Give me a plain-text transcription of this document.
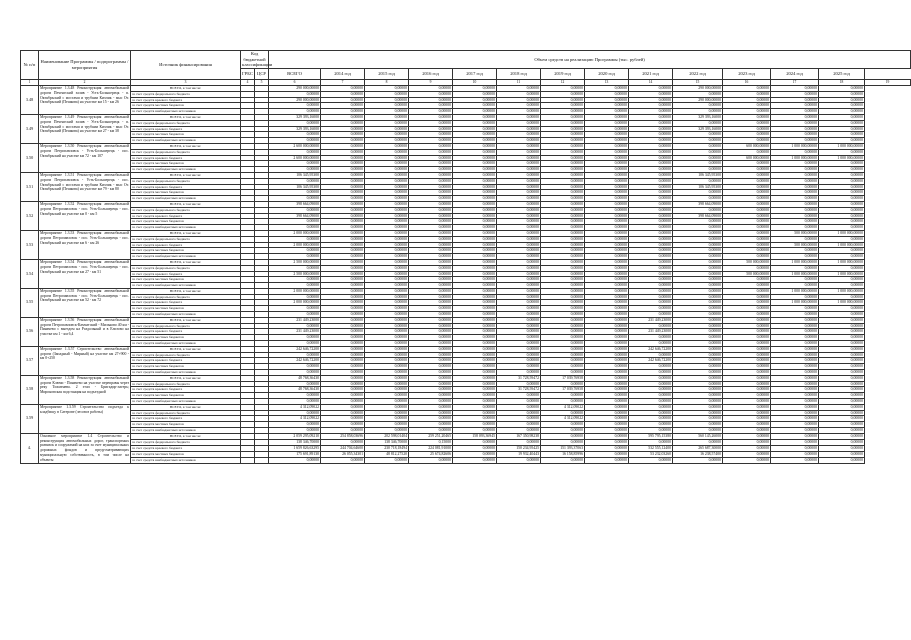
№ п/п	Наименование Программы / подпрограммы / мероприятия	Источник финансирования	Код бюджетной классификации		Объем средств на реализацию Программы (тыс. рублей)													
			ГРБС	ЦСР	ВСЕГО	2014 год	2015 год	2016 год	2017 год	2018 год	2019 год	2020 год	2021 год	2022 год	2023 год	2024 год	2025 год	
1	2	3	4	5	6	7	8	9	10	11	12	13	14	15	16	17	18	19
3.48	Мероприятие 1.3.48 Реконструкция автомобильной дороги Печенгский залив - Усть-Большерецк - п. Октябрьский с мостами и трубами Кихчик - мыс От. Октябрьский (Пешкова) на участке км 15 - км 26	ВСЕГО, в том числе:			290 000,00000	0,00000	0,00000	0,00000	0,00000	0,00000	0,00000	0,00000	0,00000	290 000,00000	0,00000	0,00000	0,00000	
		за счет средств федерального бюджета			0,00000	0,00000	0,00000	0,00000	0,00000	0,00000	0,00000	0,00000	0,00000	0,00000	0,00000	0,00000	0,00000	
		за счет средств краевого бюджета			290 000,00000	0,00000	0,00000	0,00000	0,00000	0,00000	0,00000	0,00000	0,00000	290 000,00000	0,00000	0,00000	0,00000	
		за счет средств местных бюджетов			0,00000	0,00000	0,00000	0,00000	0,00000	0,00000	0,00000	0,00000	0,00000	0,00000	0,00000	0,00000	0,00000	
		за счет средств внебюджетных источников			0,00000	0,00000	0,00000	0,00000	0,00000	0,00000	0,00000	0,00000	0,00000	0,00000	0,00000	0,00000	0,00000	
3.49	Мероприятие 1.3.49 Реконструкция автомобильной дороги Печенгский залив - Усть-Большерецк - п. Октябрьский с мостами и трубами Кихчик - мыс От. Октябрьский (Пешкова) на участке км 27 - км 38	ВСЕГО, в том числе:			329 393,16000	0,00000	0,00000	0,00000	0,00000	0,00000	0,00000	0,00000	0,00000	329 393,16000	0,00000	0,00000	0,00000	
		за счет средств федерального бюджета			0,00000	0,00000	0,00000	0,00000	0,00000	0,00000	0,00000	0,00000	0,00000	0,00000	0,00000	0,00000	0,00000	
		за счет средств краевого бюджета			329 393,16000	0,00000	0,00000	0,00000	0,00000	0,00000	0,00000	0,00000	0,00000	329 393,16000	0,00000	0,00000	0,00000	
		за счет средств местных бюджетов			0,00000	0,00000	0,00000	0,00000	0,00000	0,00000	0,00000	0,00000	0,00000	0,00000	0,00000	0,00000	0,00000	
		за счет средств внебюджетных источников			0,00000	0,00000	0,00000	0,00000	0,00000	0,00000	0,00000	0,00000	0,00000	0,00000	0,00000	0,00000	0,00000	
3.50	Мероприятие 1.3.50 Реконструкция автомобильной дороги Петропавловск - Усть-Большерецк - пос. Октябрьский на участке км 72 - км 107	ВСЕГО, в том числе:			2 600 000,00000	0,00000	0,00000	0,00000	0,00000	0,00000	0,00000	0,00000	0,00000	0,00000	600 000,00000	1 000 000,00000	1 000 000,00000	
		за счет средств федерального бюджета			0,00000	0,00000	0,00000	0,00000	0,00000	0,00000	0,00000	0,00000	0,00000	0,00000	0,00000	0,00000	0,00000	
		за счет средств краевого бюджета			2 600 000,00000	0,00000	0,00000	0,00000	0,00000	0,00000	0,00000	0,00000	0,00000	0,00000	600 000,00000	1 000 000,00000	1 000 000,00000	
		за счет средств местных бюджетов			0,00000	0,00000	0,00000	0,00000	0,00000	0,00000	0,00000	0,00000	0,00000	0,00000	0,00000	0,00000	0,00000	
		за счет средств внебюджетных источников			0,00000	0,00000	0,00000	0,00000	0,00000	0,00000	0,00000	0,00000	0,00000	0,00000	0,00000	0,00000	0,00000	
3.51	Мероприятие 1.3.51 Реконструкция автомобильной дороги Петропавловск - Усть-Большерецк - пос. Октябрьский с мостами и трубами Кихчик - мыс От. Октябрьский (Пешкова) на участке км 79 - км 80	ВСЕГО, в том числе:			106 345,95300	0,00000	0,00000	0,00000	0,00000	0,00000	0,00000	0,00000	0,00000	106 345,95300	0,00000	0,00000	0,00000	
		за счет средств федерального бюджета			0,00000	0,00000	0,00000	0,00000	0,00000	0,00000	0,00000	0,00000	0,00000	0,00000	0,00000	0,00000	0,00000	
		за счет средств краевого бюджета			106 345,95300	0,00000	0,00000	0,00000	0,00000	0,00000	0,00000	0,00000	0,00000	106 345,95300	0,00000	0,00000	0,00000	
		за счет средств местных бюджетов			0,00000	0,00000	0,00000	0,00000	0,00000	0,00000	0,00000	0,00000	0,00000	0,00000	0,00000	0,00000	0,00000	
		за счет средств внебюджетных источников			0,00000	0,00000	0,00000	0,00000	0,00000	0,00000	0,00000	0,00000	0,00000	0,00000	0,00000	0,00000	0,00000	
3.52	Мероприятие 1.3.52 Реконструкция автомобильной дороги Петропавловск - пос. Усть-Большерецк - пос. Октябрьский на участке км 0 - км 5	ВСЕГО, в том числе:			398 664,09000	0,00000	0,00000	0,00000	0,00000	0,00000	0,00000	0,00000	0,00000	398 664,09000	0,00000	0,00000	0,00000	
		за счет средств федерального бюджета			0,00000	0,00000	0,00000	0,00000	0,00000	0,00000	0,00000	0,00000	0,00000	0,00000	0,00000	0,00000	0,00000	
		за счет средств краевого бюджета			398 664,09000	0,00000	0,00000	0,00000	0,00000	0,00000	0,00000	0,00000	0,00000	398 664,09000	0,00000	0,00000	0,00000	
		за счет средств местных бюджетов			0,00000	0,00000	0,00000	0,00000	0,00000	0,00000	0,00000	0,00000	0,00000	0,00000	0,00000	0,00000	0,00000	
		за счет средств внебюджетных источников			0,00000	0,00000	0,00000	0,00000	0,00000	0,00000	0,00000	0,00000	0,00000	0,00000	0,00000	0,00000	0,00000	
3.53	Мероприятие 1.3.53 Реконструкция автомобильной дороги Петропавловск - пос. Усть-Большерецк - пос. Октябрьский на участке км 6 - км 26	ВСЕГО, в том числе:			2 000 000,00000	0,00000	0,00000	0,00000	0,00000	0,00000	0,00000	0,00000	0,00000	0,00000	0,00000	500 000,00000	1 000 000,00000	
		за счет средств федерального бюджета			0,00000	0,00000	0,00000	0,00000	0,00000	0,00000	0,00000	0,00000	0,00000	0,00000	0,00000	0,00000	0,00000	
		за счет средств краевого бюджета			2 000 000,00000	0,00000	0,00000	0,00000	0,00000	0,00000	0,00000	0,00000	0,00000	0,00000	0,00000	500 000,00000	1 000 000,00000	
		за счет средств местных бюджетов			0,00000	0,00000	0,00000	0,00000	0,00000	0,00000	0,00000	0,00000	0,00000	0,00000	0,00000	0,00000	0,00000	
		за счет средств внебюджетных источников			0,00000	0,00000	0,00000	0,00000	0,00000	0,00000	0,00000	0,00000	0,00000	0,00000	0,00000	0,00000	0,00000	
3.54	Мероприятие 1.3.54 Реконструкция автомобильной дороги Петропавловск - пос. Усть-Большерецк - пос. Октябрьский на участке км 27 - км 51	ВСЕГО, в том числе:			2 500 000,00000	0,00000	0,00000	0,00000	0,00000	0,00000	0,00000	0,00000	0,00000	0,00000	500 000,00000	1 000 000,00000	1 000 000,00000	
		за счет средств федерального бюджета			0,00000	0,00000	0,00000	0,00000	0,00000	0,00000	0,00000	0,00000	0,00000	0,00000	0,00000	0,00000	0,00000	
		за счет средств краевого бюджета			2 500 000,00000	0,00000	0,00000	0,00000	0,00000	0,00000	0,00000	0,00000	0,00000	0,00000	500 000,00000	1 000 000,00000	1 000 000,00000	
		за счет средств местных бюджетов			0,00000	0,00000	0,00000	0,00000	0,00000	0,00000	0,00000	0,00000	0,00000	0,00000	0,00000	0,00000	0,00000	
		за счет средств внебюджетных источников			0,00000	0,00000	0,00000	0,00000	0,00000	0,00000	0,00000	0,00000	0,00000	0,00000	0,00000	0,00000	0,00000	
3.55	Мероприятие 1.3.55 Реконструкция автомобильной дороги Петропавловск - пос. Усть-Большерецк - пос. Октябрьский на участке км 52 - км 72	ВСЕГО, в том числе:			2 000 000,00000	0,00000	0,00000	0,00000	0,00000	0,00000	0,00000	0,00000	0,00000	0,00000	0,00000	1 000 000,00000	1 000 000,00000	
		за счет средств федерального бюджета			0,00000	0,00000	0,00000	0,00000	0,00000	0,00000	0,00000	0,00000	0,00000	0,00000	0,00000	0,00000	0,00000	
		за счет средств краевого бюджета			2 000 000,00000	0,00000	0,00000	0,00000	0,00000	0,00000	0,00000	0,00000	0,00000	0,00000	0,00000	1 000 000,00000	1 000 000,00000	
		за счет средств местных бюджетов			0,00000	0,00000	0,00000	0,00000	0,00000	0,00000	0,00000	0,00000	0,00000	0,00000	0,00000	0,00000	0,00000	
		за счет средств внебюджетных источников			0,00000	0,00000	0,00000	0,00000	0,00000	0,00000	0,00000	0,00000	0,00000	0,00000	0,00000	0,00000	0,00000	
3.56	Мероприятие 1.3.56 Реконструкция автомобильной дороги Петропавловск-Камчатский - Мильково 40 км - Пиначево с выездом на Раздольный и в Елизово на участке км 1 - км 6,4	ВСЕГО, в том числе:			231 449,23000	0,00000	0,00000	0,00000	0,00000	0,00000	0,00000	0,00000	231 449,23000	0,00000	0,00000	0,00000	0,00000	
		за счет средств федерального бюджета			0,00000	0,00000	0,00000	0,00000	0,00000	0,00000	0,00000	0,00000	0,00000	0,00000	0,00000	0,00000	0,00000	
		за счет средств краевого бюджета			231 449,23000	0,00000	0,00000	0,00000	0,00000	0,00000	0,00000	0,00000	231 449,23000	0,00000	0,00000	0,00000	0,00000	
		за счет средств местных бюджетов			0,00000	0,00000	0,00000	0,00000	0,00000	0,00000	0,00000	0,00000	0,00000	0,00000	0,00000	0,00000	0,00000	
		за счет средств внебюджетных источников			0,00000	0,00000	0,00000	0,00000	0,00000	0,00000	0,00000	0,00000	0,00000	0,00000	0,00000	0,00000	0,00000	
3.57	Мероприятие 1.3.57 Строительство автомобильной дороги (Западный - Мирный) на участке км 27+900 - км 0+250	ВСЕГО, в том числе:			242 646,72200	0,00000	0,00000	0,00000	0,00000	0,00000	0,00000	0,00000	242 646,72200	0,00000	0,00000	0,00000	0,00000	
		за счет средств федерального бюджета			0,00000	0,00000	0,00000	0,00000	0,00000	0,00000	0,00000	0,00000	0,00000	0,00000	0,00000	0,00000	0,00000	
		за счет средств краевого бюджета			242 646,72200	0,00000	0,00000	0,00000	0,00000	0,00000	0,00000	0,00000	242 646,72200	0,00000	0,00000	0,00000	0,00000	
		за счет средств местных бюджетов			0,00000	0,00000	0,00000	0,00000	0,00000	0,00000	0,00000	0,00000	0,00000	0,00000	0,00000	0,00000	0,00000	
		за счет средств внебюджетных источников			0,00000	0,00000	0,00000	0,00000	0,00000	0,00000	0,00000	0,00000	0,00000	0,00000	0,00000	0,00000	0,00000	
3.58	Мероприятие 1.3.58 Реконструкция автомобильной дороги Ключи - Пиначево на участке переправы через реку Тихменева. 2 этап - Бригадир-лагерь; Мироновская подстанция на подъездной	ВСЕГО, в том числе:			48 768,36430	0,00000	0,00000	0,00000	0,00000	31 728,59472	17 039,76958	0,00000	0,00000	0,00000	0,00000	0,00000	0,00000	
		за счет средств федерального бюджета			0,00000	0,00000	0,00000	0,00000	0,00000	0,00000	0,00000	0,00000	0,00000	0,00000	0,00000	0,00000	0,00000	
		за счет средств краевого бюджета			48 768,36430	0,00000	0,00000	0,00000	0,00000	31 728,59472	17 039,76958	0,00000	0,00000	0,00000	0,00000	0,00000	0,00000	
		за счет средств местных бюджетов			0,00000	0,00000	0,00000	0,00000	0,00000	0,00000	0,00000	0,00000	0,00000	0,00000	0,00000	0,00000	0,00000	
		за счет средств внебюджетных источников			0,00000	0,00000	0,00000	0,00000	0,00000	0,00000	0,00000	0,00000	0,00000	0,00000	0,00000	0,00000	0,00000	
3.59	Мероприятие 1.3.59 Строительство подъезда к кладбищу в Сатерове (лесовоз работы)	ВСЕГО, в том числе:			4 312,09022	0,00000	0,00000	0,00000	0,00000	0,00000	4 312,09022	0,00000	0,00000	0,00000	0,00000	0,00000	0,00000	
		за счет средств федерального бюджета			0,00000	0,00000	0,00000	0,00000	0,00000	0,00000	0,00000	0,00000	0,00000	0,00000	0,00000	0,00000	0,00000	
		за счет средств краевого бюджета			4 312,09022	0,00000	0,00000	0,00000	0,00000	0,00000	4 312,09022	0,00000	0,00000	0,00000	0,00000	0,00000	0,00000	
		за счет средств местных бюджетов			0,00000	0,00000	0,00000	0,00000	0,00000	0,00000	0,00000	0,00000	0,00000	0,00000	0,00000	0,00000	0,00000	
		за счет средств внебюджетных источников			0,00000	0,00000	0,00000	0,00000	0,00000	0,00000	0,00000	0,00000	0,00000	0,00000	0,00000	0,00000	0,00000	
4.	Основное мероприятие 1.4 Строительство и реконструкция автомобильных дорог, транспортных развязок и сооружений на них за счет муниципальных дорожных фондов и предусматривающих муниципальную собственность, в том числе на объекты	ВСЕГО, в том числе:			2 059 295,09210	254 858,03696	202 598,01404	259 251,20465	158 093,36945	167 350,98238	0,00000	0,00000	595 795,15380	560 145,26000	0,00000	0,00000	0,00000	
		за счет средств федерального бюджета			138 346,70000	0,00000	138 346,70000	0,15000	0,00000	0,00000	0,00000	0,00000	0,00000	0,00000	0,00000	0,00000	0,00000	
		за счет средств краевого бюджета			1 659 826,63295	244 704,64600	230 718,18494	224 081,91000	0,00000	150 234,95425	151 393,37063	0,00000	532 555,12400	265 687,30000	0,00000	0,00000	0,00000	
		за счет средств местных бюджетов			175 691,89130	26 055,34301	48 812,27520	25 674,82606	0,00000	19 932,40443	16 158,85996	0,00000	53 232,03260	16 238,57400	0,00000	0,00000	0,00000	
		за счет средств внебюджетных источников			0,00000	0,00000	0,00000	0,00000	0,00000	0,00000	0,00000	0,00000	0,00000	0,00000	0,00000	0,00000	0,00000	
